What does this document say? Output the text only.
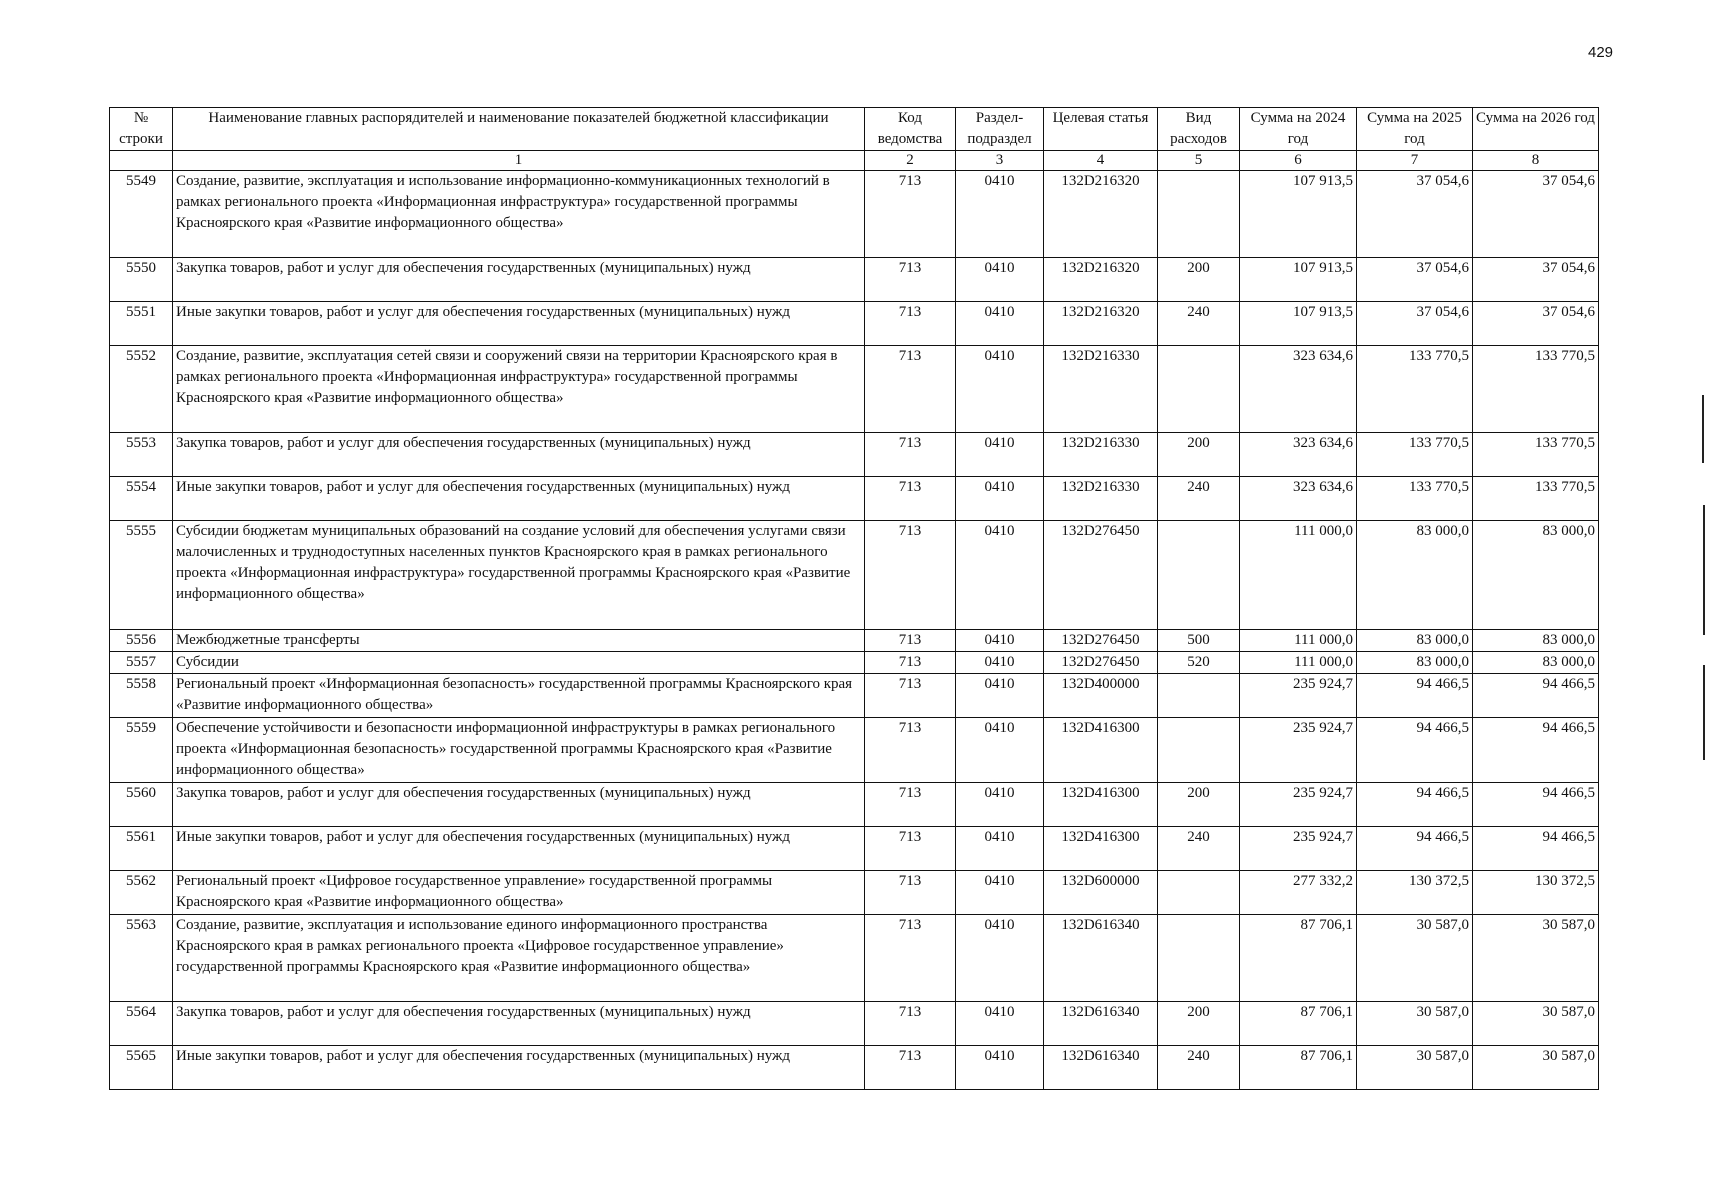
429
№ строки	Наименование главных распорядителей и наименование показателей бюджетной классификации	Код ведомства	Раздел-подраздел	Целевая статья	Вид расходов	Сумма на 2024 год	Сумма на 2025 год	Сумма на 2026 год
	1	2	3	4	5	6	7	8
5549	Создание, развитие, эксплуатация и использование информационно-коммуникационных технологий в рамках регионального проекта «Информационная инфраструктура» государственной программы Красноярского края «Развитие информационного общества»	713	0410	132D216320		107 913,5	37 054,6	37 054,6
5550	Закупка товаров, работ и услуг для обеспечения государственных (муниципальных) нужд	713	0410	132D216320	200	107 913,5	37 054,6	37 054,6
5551	Иные закупки товаров, работ и услуг для обеспечения государственных (муниципальных) нужд	713	0410	132D216320	240	107 913,5	37 054,6	37 054,6
5552	Создание, развитие, эксплуатация сетей связи и сооружений связи на территории Красноярского края в рамках регионального проекта «Информационная инфраструктура» государственной программы Красноярского края «Развитие информационного общества»	713	0410	132D216330		323 634,6	133 770,5	133 770,5
5553	Закупка товаров, работ и услуг для обеспечения государственных (муниципальных) нужд	713	0410	132D216330	200	323 634,6	133 770,5	133 770,5
5554	Иные закупки товаров, работ и услуг для обеспечения государственных (муниципальных) нужд	713	0410	132D216330	240	323 634,6	133 770,5	133 770,5
5555	Субсидии бюджетам муниципальных образований на создание условий для обеспечения услугами связи малочисленных и труднодоступных населенных пунктов Красноярского края в рамках регионального проекта «Информационная инфраструктура» государственной программы Красноярского края «Развитие информационного общества»	713	0410	132D276450		111 000,0	83 000,0	83 000,0
5556	Межбюджетные трансферты	713	0410	132D276450	500	111 000,0	83 000,0	83 000,0
5557	Субсидии	713	0410	132D276450	520	111 000,0	83 000,0	83 000,0
5558	Региональный проект «Информационная безопасность» государственной программы Красноярского края «Развитие информационного общества»	713	0410	132D400000		235 924,7	94 466,5	94 466,5
5559	Обеспечение устойчивости и безопасности информационной инфраструктуры в рамках регионального проекта «Информационная безопасность» государственной программы Красноярского края «Развитие информационного общества»	713	0410	132D416300		235 924,7	94 466,5	94 466,5
5560	Закупка товаров, работ и услуг для обеспечения государственных (муниципальных) нужд	713	0410	132D416300	200	235 924,7	94 466,5	94 466,5
5561	Иные закупки товаров, работ и услуг для обеспечения государственных (муниципальных) нужд	713	0410	132D416300	240	235 924,7	94 466,5	94 466,5
5562	Региональный проект «Цифровое государственное управление» государственной программы Красноярского края «Развитие информационного общества»	713	0410	132D600000		277 332,2	130 372,5	130 372,5
5563	Создание, развитие, эксплуатация и использование единого информационного пространства Красноярского края в рамках регионального проекта «Цифровое государственное управление» государственной программы Красноярского края «Развитие информационного общества»	713	0410	132D616340		87 706,1	30 587,0	30 587,0
5564	Закупка товаров, работ и услуг для обеспечения государственных (муниципальных) нужд	713	0410	132D616340	200	87 706,1	30 587,0	30 587,0
5565	Иные закупки товаров, работ и услуг для обеспечения государственных (муниципальных) нужд	713	0410	132D616340	240	87 706,1	30 587,0	30 587,0
